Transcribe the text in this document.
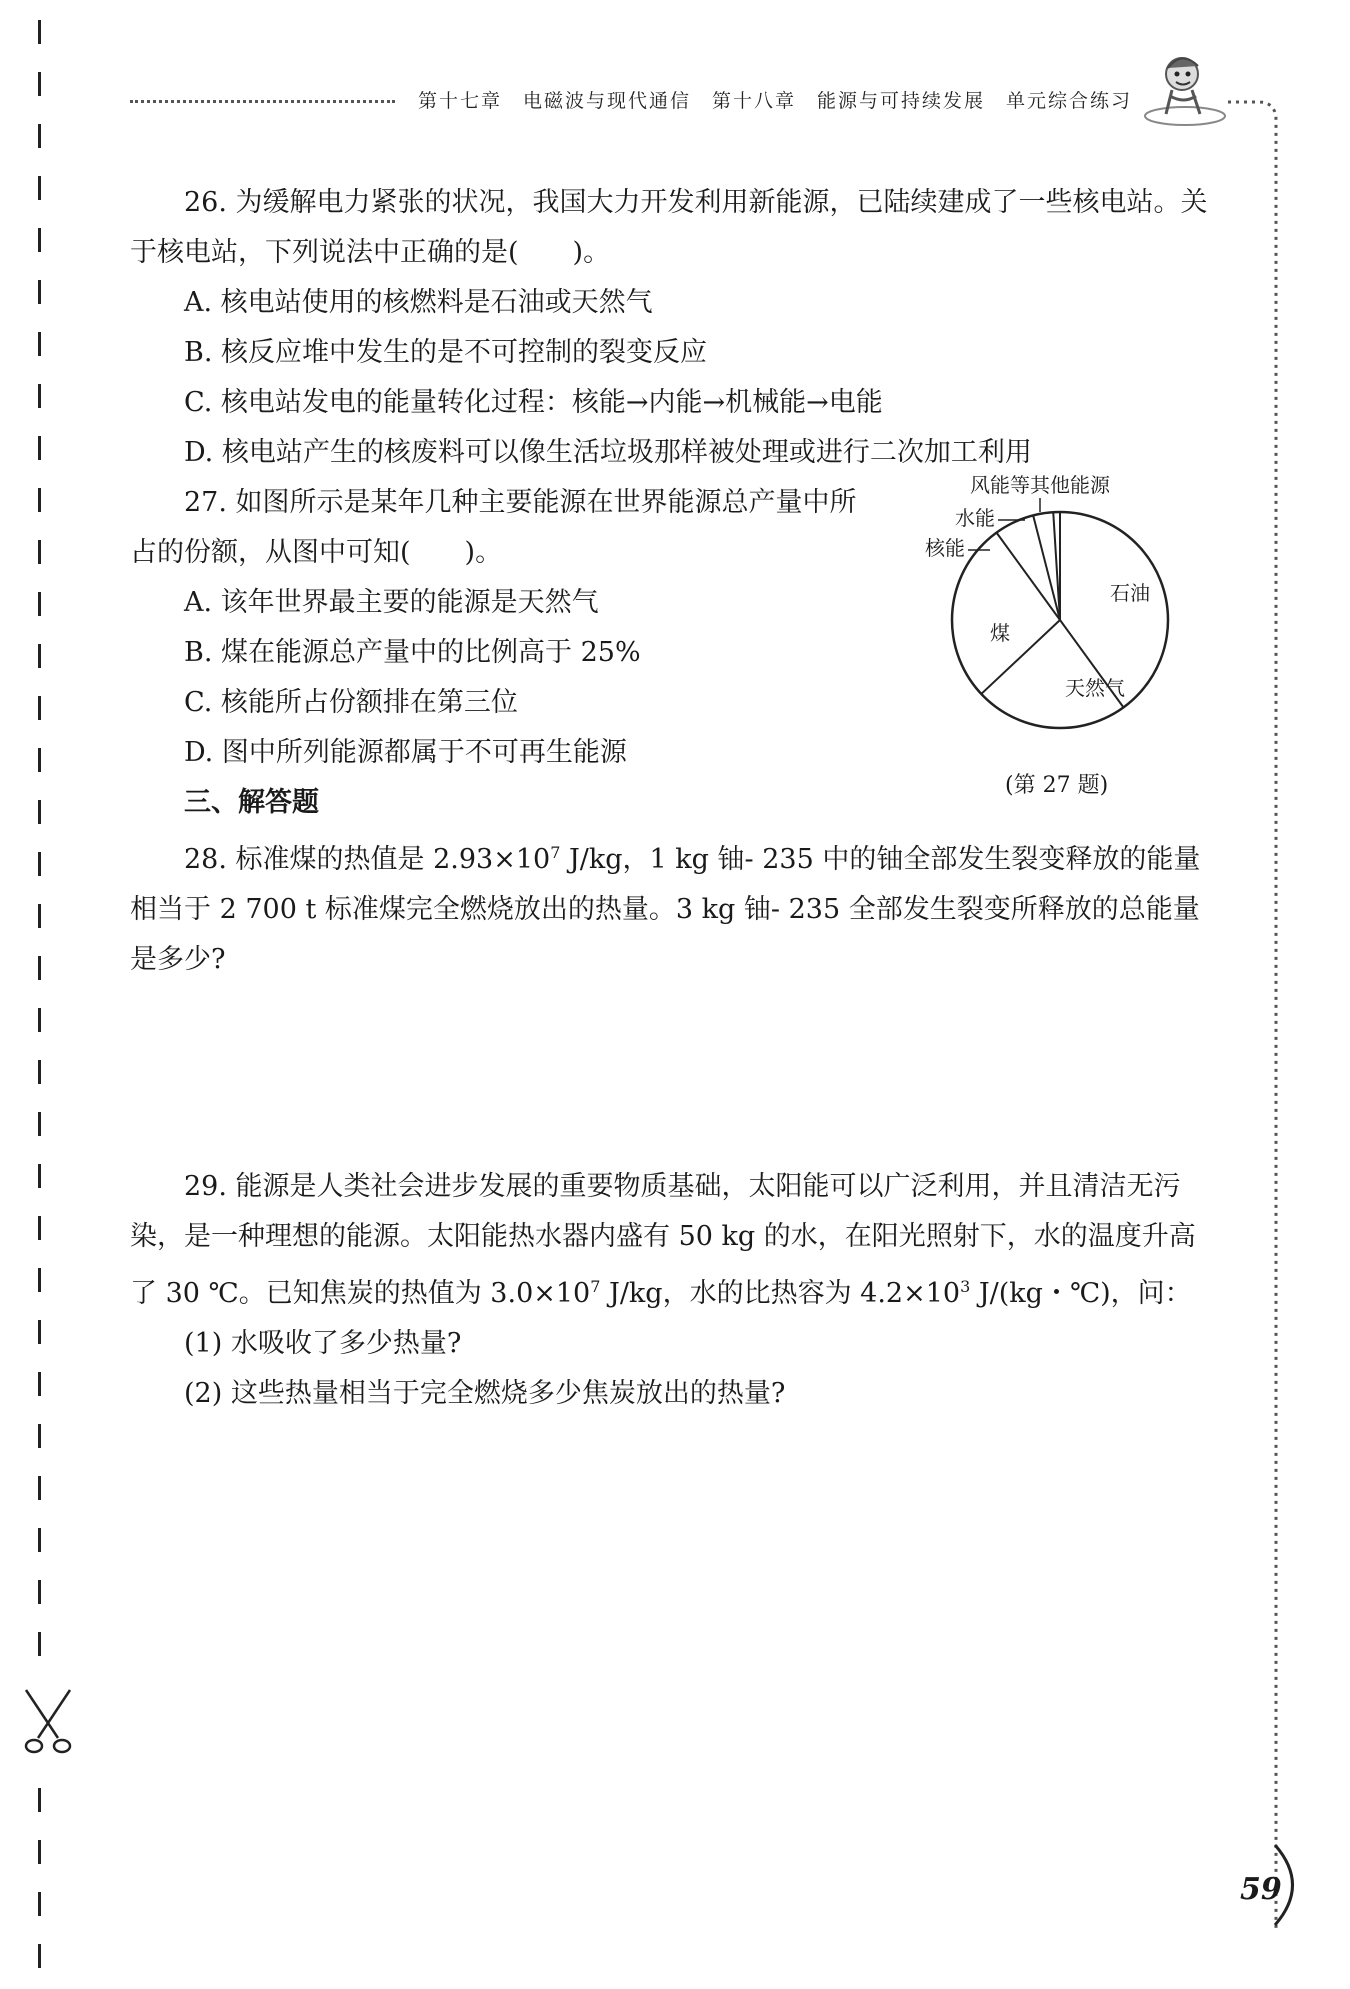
第十七章　电磁波与现代通信　第十八章　能源与可持续发展　单元综合练习

26. 为缓解电力紧张的状况，我国大力开发利用新能源，已陆续建成了一些核电站。关于核电站，下列说法中正确的是(　　)。

A. 核电站使用的核燃料是石油或天然气

B. 核反应堆中发生的是不可控制的裂变反应

C. 核电站发电的能量转化过程：核能→内能→机械能→电能

D. 核电站产生的核废料可以像生活垃圾那样被处理或进行二次加工利用

27. 如图所示是某年几种主要能源在世界能源总产量中所

占的份额，从图中可知(　　)。

A. 该年世界最主要的能源是天然气

B. 煤在能源总产量中的比例高于 25%

C. 核能所占份额排在第三位

D. 图中所列能源都属于不可再生能源

三、解答题

石油
天然气
煤
核能
水能
风能等其他能源
(第 27 题)

28. 标准煤的热值是 $2.93\times 10^7$ J/kg，1 kg 铀- 235 中的铀全部发生裂变释放的能量

相当于 2 700 t 标准煤完全燃烧放出的热量。3 kg 铀- 235 全部发生裂变所释放的总能量

是多少?

29. 能源是人类社会进步发展的重要物质基础，太阳能可以广泛利用，并且清洁无污

染，是一种理想的能源。太阳能热水器内盛有 50 kg 的水，在阳光照射下，水的温度升高

了 30 ℃。已知焦炭的热值为 $3.0\times 10^7$ J/kg，水的比热容为 $4.2\times 10^3$ J/(kg・℃)，问：

(1) 水吸收了多少热量?

(2) 这些热量相当于完全燃烧多少焦炭放出的热量?

59
